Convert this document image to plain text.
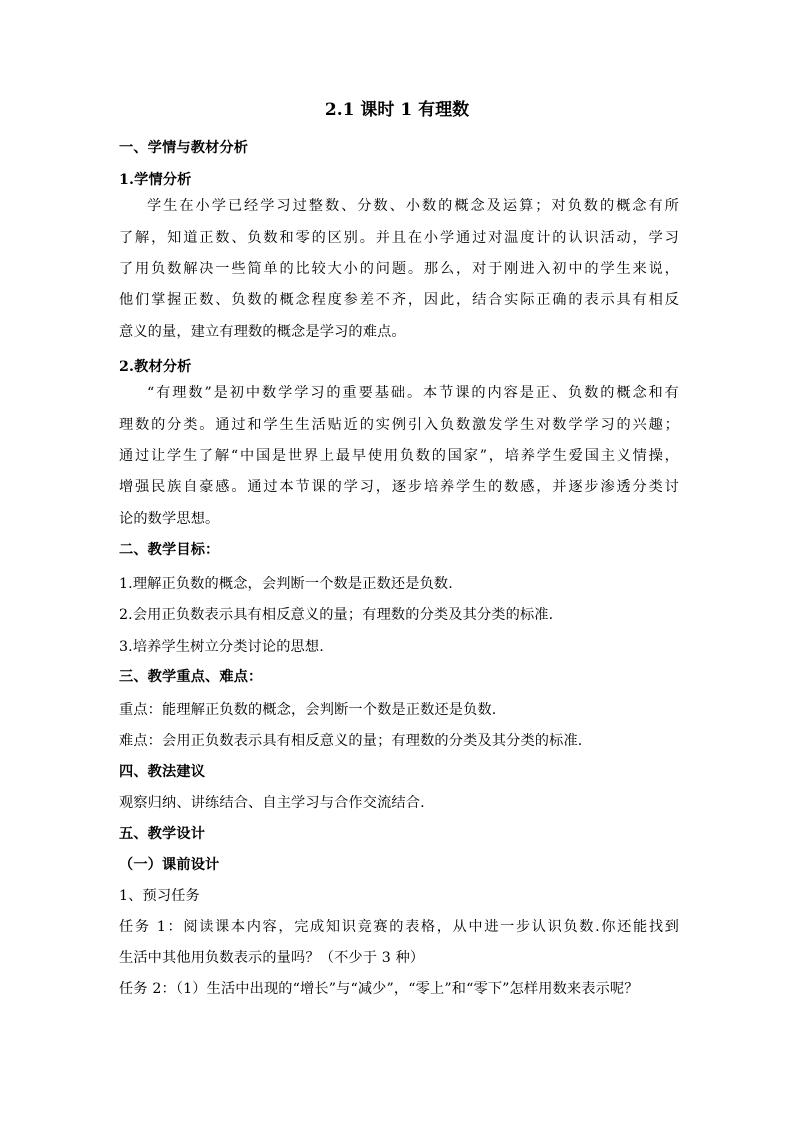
2.1 课时 1 有理数
一、学情与教材分析
1.学情分析
学生在小学已经学习过整数、分数、小数的概念及运算；对负数的概念有所
了解，知道正数、负数和零的区别。并且在小学通过对温度计的认识活动，学习
了用负数解决一些简单的比较大小的问题。那么，对于刚进入初中的学生来说，
他们掌握正数、负数的概念程度参差不齐，因此，结合实际正确的表示具有相反
意义的量，建立有理数的概念是学习的难点。
2.教材分析
“有理数”是初中数学学习的重要基础。本节课的内容是正、负数的概念和有
理数的分类。通过和学生生活贴近的实例引入负数激发学生对数学学习的兴趣；
通过让学生了解“中国是世界上最早使用负数的国家”，培养学生爱国主义情操，
增强民族自豪感。通过本节课的学习，逐步培养学生的数感，并逐步渗透分类讨
论的数学思想。
二、教学目标：
1.理解正负数的概念，会判断一个数是正数还是负数.
2.会用正负数表示具有相反意义的量；有理数的分类及其分类的标准.
3.培养学生树立分类讨论的思想.
三、教学重点、难点：
重点：能理解正负数的概念，会判断一个数是正数还是负数.
难点：会用正负数表示具有相反意义的量；有理数的分类及其分类的标准.
四、教法建议
观察归纳、讲练结合、自主学习与合作交流结合.
五、教学设计
（一）课前设计
1、预习任务
任务 1：阅读课本内容，完成知识竞赛的表格，从中进一步认识负数.你还能找到
生活中其他用负数表示的量吗？（不少于 3 种）
任务 2：（1）生活中出现的“增长”与“减少”，“零上”和“零下”怎样用数来表示呢？
